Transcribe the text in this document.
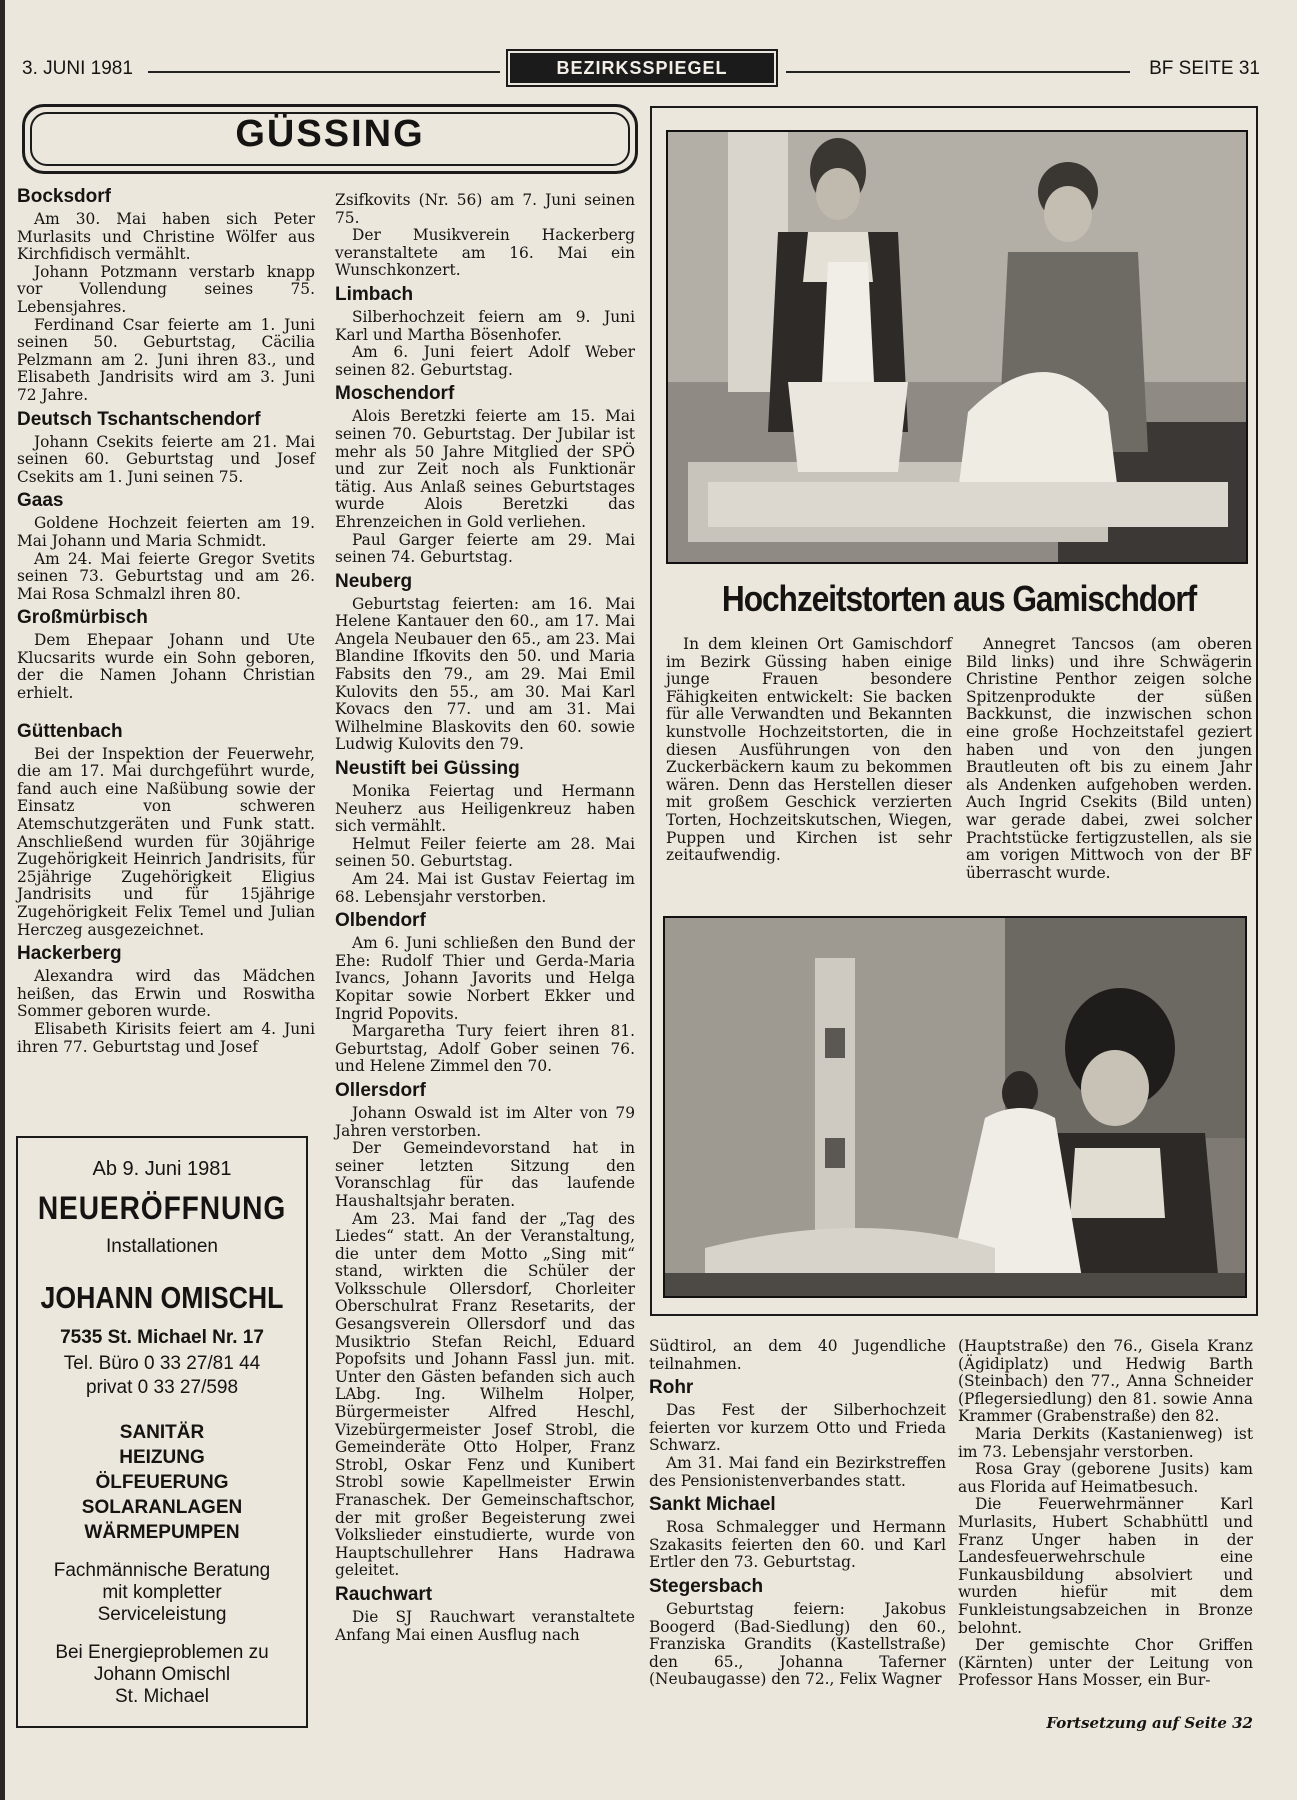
3. JUNI 1981	BEZIRKSSPIEGEL	BF SEITE 31
GÜSSING
Bocksdorf

Am 30. Mai haben sich Peter Murlasits und Christine Wölfer aus Kirchfidisch vermählt.

Johann Potzmann verstarb knapp vor Vollendung seines 75. Lebensjahres.

Ferdinand Csar feierte am 1. Juni seinen 50. Geburtstag, Cäcilia Pelzmann am 2. Juni ihren 83., und Elisabeth Jandrisits wird am 3. Juni 72 Jahre.

Deutsch Tschantschendorf

Johann Csekits feierte am 21. Mai seinen 60. Geburtstag und Josef Csekits am 1. Juni seinen 75.

Gaas

Goldene Hochzeit feierten am 19. Mai Johann und Maria Schmidt.

Am 24. Mai feierte Gregor Svetits seinen 73. Geburtstag und am 26. Mai Rosa Schmalzl ihren 80.

Großmürbisch

Dem Ehepaar Johann und Ute Klucsarits wurde ein Sohn geboren, der die Namen Johann Christian erhielt.

Güttenbach

Bei der Inspektion der Feuerwehr, die am 17. Mai durchgeführt wurde, fand auch eine Naßübung sowie der Einsatz von schweren Atemschutzgeräten und Funk statt. Anschließend wurden für 30jährige Zugehörigkeit Heinrich Jandrisits, für 25jährige Zugehörigkeit Eligius Jandrisits und für 15jährige Zugehörigkeit Felix Temel und Julian Herczeg ausgezeichnet.

Hackerberg

Alexandra wird das Mädchen heißen, das Erwin und Roswitha Sommer geboren wurde.

Elisabeth Kirisits feiert am 4. Juni ihren 77. Geburtstag und Josef

Zsifkovits (Nr. 56) am 7. Juni seinen 75.

Der Musikverein Hackerberg veranstaltete am 16. Mai ein Wunschkonzert.

Limbach

Silberhochzeit feiern am 9. Juni Karl und Martha Bösenhofer.

Am 6. Juni feiert Adolf Weber seinen 82. Geburtstag.

Moschendorf

Alois Beretzki feierte am 15. Mai seinen 70. Geburtstag. Der Jubilar ist mehr als 50 Jahre Mitglied der SPÖ und zur Zeit noch als Funktionär tätig. Aus Anlaß seines Geburtstages wurde Alois Beretzki das Ehrenzeichen in Gold verliehen.

Paul Garger feierte am 29. Mai seinen 74. Geburtstag.

Neuberg

Geburtstag feierten: am 16. Mai Helene Kantauer den 60., am 17. Mai Angela Neubauer den 65., am 23. Mai Blandine Ifkovits den 50. und Maria Fabsits den 79., am 29. Mai Emil Kulovits den 55., am 30. Mai Karl Kovacs den 77. und am 31. Mai Wilhelmine Blaskovits den 60. sowie Ludwig Kulovits den 79.

Neustift bei Güssing

Monika Feiertag und Hermann Neuherz aus Heiligenkreuz haben sich vermählt.

Helmut Feiler feierte am 28. Mai seinen 50. Geburtstag.

Am 24. Mai ist Gustav Feiertag im 68. Lebensjahr verstorben.

Olbendorf

Am 6. Juni schließen den Bund der Ehe: Rudolf Thier und Gerda-Maria Ivancs, Johann Javorits und Helga Kopitar sowie Norbert Ekker und Ingrid Popovits.

Margaretha Tury feiert ihren 81. Geburtstag, Adolf Gober seinen 76. und Helene Zimmel den 70.

Ollersdorf

Johann Oswald ist im Alter von 79 Jahren verstorben.

Der Gemeindevorstand hat in seiner letzten Sitzung den Voranschlag für das laufende Haushaltsjahr beraten.

Am 23. Mai fand der „Tag des Liedes“ statt. An der Veranstaltung, die unter dem Motto „Sing mit“ stand, wirkten die Schüler der Volksschule Ollersdorf, Chorleiter Oberschulrat Franz Resetarits, der Gesangsverein Ollersdorf und das Musiktrio Stefan Reichl, Eduard Popofsits und Johann Fassl jun. mit. Unter den Gästen befanden sich auch LAbg. Ing. Wilhelm Holper, Bürgermeister Alfred Heschl, Vizebürgermeister Josef Strobl, die Gemeinderäte Otto Holper, Franz Strobl, Oskar Fenz und Kunibert Strobl sowie Kapellmeister Erwin Franaschek. Der Gemeinschaftschor, der mit großer Begeisterung zwei Volkslieder einstudierte, wurde von Hauptschullehrer Hans Hadrawa geleitet.

Rauchwart

Die SJ Rauchwart veranstaltete Anfang Mai einen Ausflug nach

Südtirol, an dem 40 Jugendliche teilnahmen.

Rohr

Das Fest der Silberhochzeit feierten vor kurzem Otto und Frieda Schwarz.

Am 31. Mai fand ein Bezirkstreffen des Pensionistenverbandes statt.

Sankt Michael

Rosa Schmalegger und Hermann Szakasits feierten den 60. und Karl Ertler den 73. Geburtstag.

Stegersbach

Geburtstag feiern: Jakobus Boogerd (Bad-Siedlung) den 60., Franziska Grandits (Kastellstraße) den 65., Johanna Taferner (Neubaugasse) den 72., Felix Wagner

(Hauptstraße) den 76., Gisela Kranz (Ägidiplatz) und Hedwig Barth (Steinbach) den 77., Anna Schneider (Pflegersiedlung) den 81. sowie Anna Krammer (Grabenstraße) den 82.

Maria Derkits (Kastanienweg) ist im 73. Lebensjahr verstorben.

Rosa Gray (geborene Jusits) kam aus Florida auf Heimatbesuch.

Die Feuerwehrmänner Karl Murlasits, Hubert Schabhüttl und Franz Unger haben in der Landesfeuerwehrschule eine Funkausbildung absolviert und wurden hiefür mit dem Funkleistungsabzeichen in Bronze belohnt.

Der gemischte Chor Griffen (Kärnten) unter der Leitung von Professor Hans Mosser, ein Bur-

Ab 9. Juni 1981
NEUERÖFFNUNG
Installationen
JOHANN OMISCHL
7535 St. Michael Nr. 17
Tel. Büro 0 33 27/81 44
privat 0 33 27/598
SANITÄR
HEIZUNG
ÖLFEUERUNG
SOLARANLAGEN
WÄRMEPUMPEN
Fachmännische Beratung
mit kompletter
Serviceleistung
Bei Energieproblemen zu
Johann Omischl
St. Michael
Hochzeitstorten aus Gamischdorf

In dem kleinen Ort Gamischdorf im Bezirk Güssing haben einige junge Frauen besondere Fähigkeiten entwickelt: Sie backen für alle Verwandten und Bekannten kunstvolle Hochzeitstorten, die in diesen Ausführungen von den Zuckerbäckern kaum zu bekommen wären. Denn das Herstellen dieser mit großem Geschick verzierten Torten, Hochzeitskutschen, Wiegen, Puppen und Kirchen ist sehr zeitaufwendig.

Annegret Tancsos (am oberen Bild links) und ihre Schwägerin Christine Penthor zeigen solche Spitzenprodukte der süßen Backkunst, die inzwischen schon eine große Hochzeitstafel geziert haben und von den jungen Brautleuten oft bis zu einem Jahr als Andenken aufgehoben werden. Auch Ingrid Csekits (Bild unten) war gerade dabei, zwei solcher Prachtstücke fertigzustellen, als sie am vorigen Mittwoch von der BF überrascht wurde.

Fortsetzung auf Seite 32
